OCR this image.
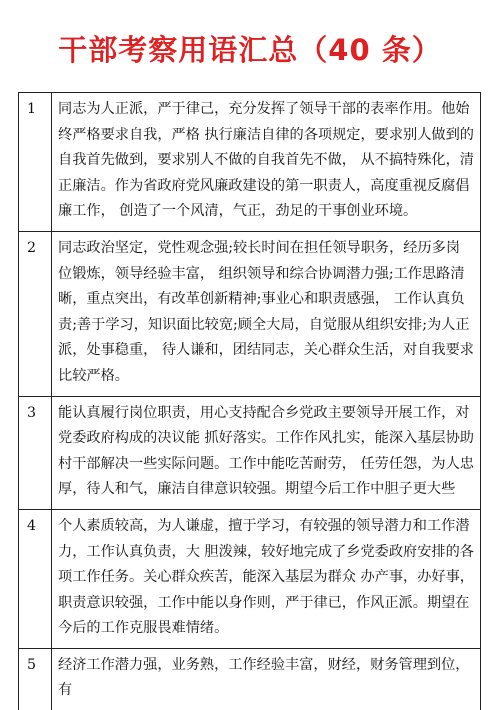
干部考察用语汇总（40 条）
1	同志为人正派，严于律己，充分发挥了领导干部的表率作用。他始终严格要求自我，严格 执行廉洁自律的各项规定，要求别人做到的自我首先做到，要求别人不做的自我首先不做， 从不搞特殊化，清正廉洁。作为省政府党风廉政建设的第一职责人，高度重视反腐倡廉工作， 创造了一个风清，气正，劲足的干事创业环境。
2	同志政治坚定，党性观念强;较长时间在担任领导职务，经历多岗位锻炼，领导经验丰富， 组织领导和综合协调潜力强;工作思路清晰，重点突出，有改革创新精神;事业心和职责感强， 工作认真负责;善于学习，知识面比较宽;顾全大局，自觉服从组织安排;为人正派，处事稳重， 待人谦和，团结同志，关心群众生活，对自我要求比较严格。
3	能认真履行岗位职责，用心支持配合乡党政主要领导开展工作，对党委政府构成的决议能 抓好落实。工作作风扎实，能深入基层协助村干部解决一些实际问题。工作中能吃苦耐劳， 任劳任怨，为人忠厚，待人和气，廉洁自律意识较强。期望今后工作中胆子更大些
4	个人素质较高，为人谦虚，擅于学习，有较强的领导潜力和工作潜力，工作认真负责，大 胆泼辣，较好地完成了乡党委政府安排的各项工作任务。关心群众疾苦，能深入基层为群众 办产事，办好事，职责意识较强，工作中能以身作则，严于律已，作风正派。期望在今后的工作克服畏难情绪。
5	经济工作潜力强，业务熟，工作经验丰富，财经，财务管理到位，有
